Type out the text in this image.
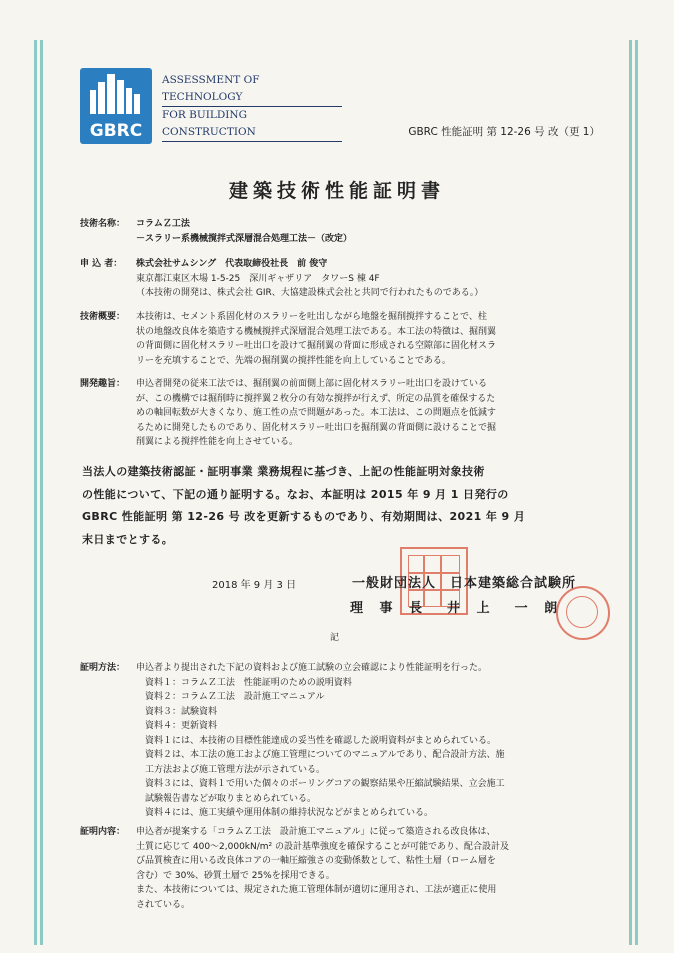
GBRC
ASSESSMENT OF TECHNOLOGY
FOR BUILDING CONSTRUCTION	GBRC 性能証明 第 12-26 号 改（更 1）
建築技術性能証明書
技術名称：	コラムＺ工法
－スラリー系機械撹拌式深層混合処理工法－（改定）
申 込 者：	株式会社サムシング　代表取締役社長　前 俊守
東京都江東区木場 1-5-25　深川ギャザリア　タワーS 棟 4F
（本技術の開発は、株式会社 GIR、大協建設株式会社と共同で行われたものである。）
技術概要：	本技術は、セメント系固化材のスラリーを吐出しながら地盤を掘削撹拌することで、柱
状の地盤改良体を築造する機械撹拌式深層混合処理工法である。本工法の特徴は、掘削翼
の背面側に固化材スラリー吐出口を設けて掘削翼の背面に形成される空隙部に固化材スラ
リーを充填することで、先端の掘削翼の撹拌性能を向上していることである。
開発趣旨：	申込者開発の従来工法では、掘削翼の前面側上部に固化材スラリー吐出口を設けている
が、この機構では掘削時に撹拌翼２枚分の有効な撹拌が行えず、所定の品質を確保するた
めの軸回転数が大きくなり、施工性の点で問題があった。本工法は、この問題点を低減す
るために開発したものであり、固化材スラリー吐出口を掘削翼の背面側に設けることで掘
削翼による撹拌性能を向上させている。
当法人の建築技術認証・証明事業 業務規程に基づき、上記の性能証明対象技術
の性能について、下記の通り証明する。なお、本証明は 2015 年 9 月 1 日発行の
GBRC 性能証明 第 12-26 号 改を更新するものであり、有効期間は、2021 年 9 月
末日までとする。
2018 年 9 月 3 日	一般財団法人　日本建築総合試験所
理 事 長　井 上　一 朗
記
証明方法：	申込者より提出された下記の資料および施工試験の立会確認により性能証明を行った。
　資料１：コラムＺ工法　性能証明のための説明資料
　資料２：コラムＺ工法　設計施工マニュアル
　資料３：試験資料
　資料４：更新資料
　資料１には、本技術の目標性能達成の妥当性を確認した説明資料がまとめられている。
　資料２は、本工法の施工および施工管理についてのマニュアルであり、配合設計方法、施
　工方法および施工管理方法が示されている。
　資料３には、資料１で用いた個々のボーリングコアの観察結果や圧縮試験結果、立会施工
　試験報告書などが取りまとめられている。
　資料４には、施工実績や運用体制の維持状況などがまとめられている。
証明内容：	申込者が提案する「コラムＺ工法　設計施工マニュアル」に従って築造される改良体は、
土質に応じて 400～2,000kN/m² の設計基準強度を確保することが可能であり、配合設計及
び品質検査に用いる改良体コアの一軸圧縮強さの変動係数として、粘性土層（ローム層を
含む）で 30%、砂質土層で 25%を採用できる。
また、本技術については、規定された施工管理体制が適切に運用され、工法が適正に使用
されている。
